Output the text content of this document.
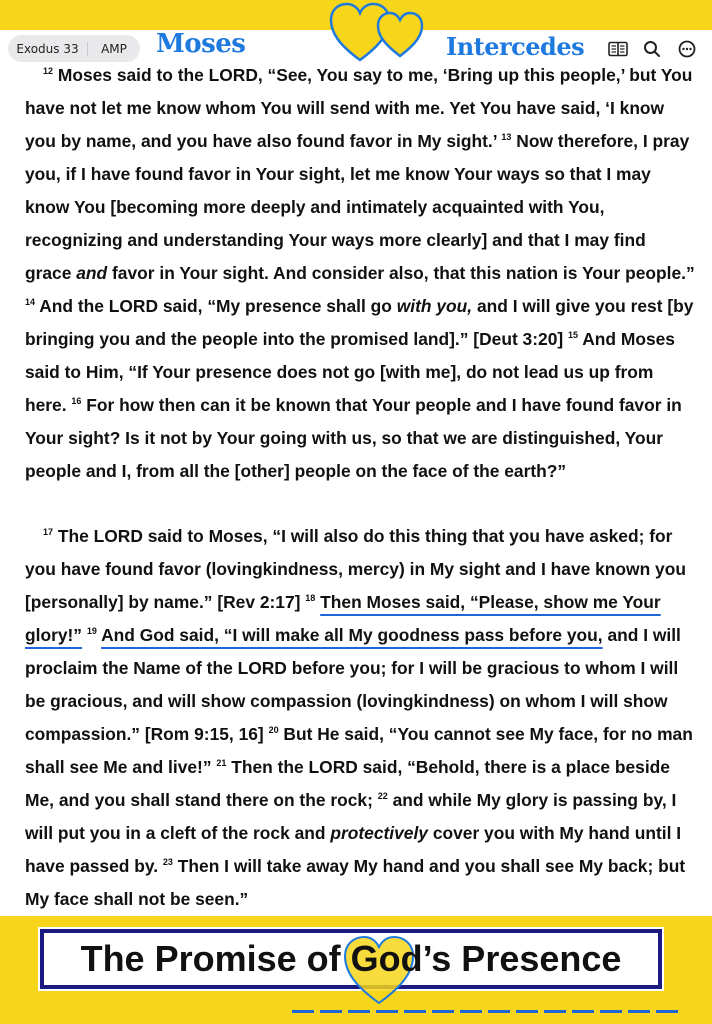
Exodus 33	AMP	Moses	Intercedes
$^{12}$ Moses said to the LORD, “See, You say to me, ‘Bring up this people,’ but You have not let me know whom You will send with me. Yet You have said, ‘I know you by name, and you have also found favor in My sight.’ $^{13}$ Now therefore, I pray you, if I have found favor in Your sight, let me know Your ways so that I may know You [becoming more deeply and intimately acquainted with You, recognizing and understanding Your ways more clearly] and that I may find grace and favor in Your sight. And consider also, that this nation is Your people.” $^{14}$ And the LORD said, “My presence shall go with you, and I will give you rest [by bringing you and the people into the promised land].” [Deut 3:20] $^{15}$ And Moses said to Him, “If Your presence does not go [with me], do not lead us up from here. $^{16}$ For how then can it be known that Your people and I have found favor in Your sight? Is it not by Your going with us, so that we are distinguished, Your people and I, from all the [other] people on the face of the earth?”
$^{17}$ The LORD said to Moses, “I will also do this thing that you have asked; for you have found favor (lovingkindness, mercy) in My sight and I have known you [personally] by name.” [Rev 2:17] $^{18}$ Then Moses said, “Please, show me Your glory!” $^{19}$ And God said, “I will make all My goodness pass before you, and I will proclaim the Name of the LORD before you; for I will be gracious to whom I will be gracious, and will show compassion (lovingkindness) on whom I will show compassion.” [Rom 9:15, 16] $^{20}$ But He said, “You cannot see My face, for no man shall see Me and live!” $^{21}$ Then the LORD said, “Behold, there is a place beside Me, and you shall stand there on the rock; $^{22}$ and while My glory is passing by, I will put you in a cleft of the rock and protectively cover you with My hand until I have passed by. $^{23}$ Then I will take away My hand and you shall see My back; but My face shall not be seen.”
The Promise of God’s Presence
